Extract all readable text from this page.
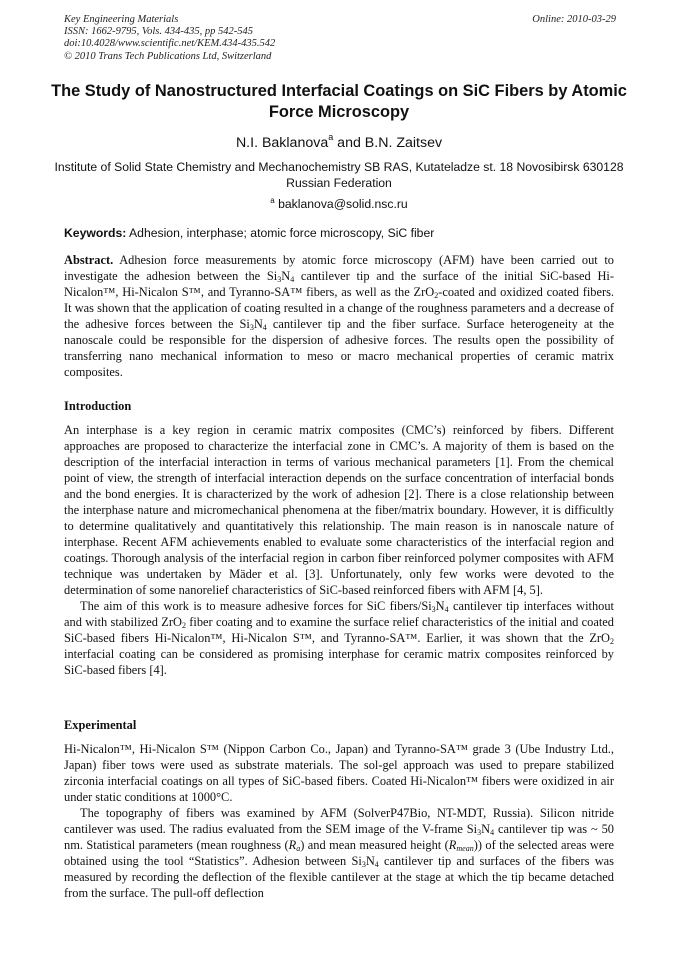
Key Engineering Materials
ISSN: 1662-9795, Vols. 434-435, pp 542-545
doi:10.4028/www.scientific.net/KEM.434-435.542
© 2010 Trans Tech Publications Ltd, Switzerland
Online: 2010-03-29
The Study of Nanostructured Interfacial Coatings on SiC Fibers by Atomic Force Microscopy
N.I. Baklanova$^a$ and B.N. Zaitsev
Institute of Solid State Chemistry and Mechanochemistry SB RAS, Kutateladze st. 18 Novosibirsk 630128 Russian Federation
$^a$ baklanova@solid.nsc.ru
Keywords: Adhesion, interphase; atomic force microscopy, SiC fiber

Abstract. Adhesion force measurements by atomic force microscopy (AFM) have been carried out to investigate the adhesion between the $Si_3N_4$ cantilever tip and the surface of the initial SiC-based Hi-Nicalon™, Hi-Nicalon S™, and Tyranno-SA™ fibers, as well as the ZrO$_2$-coated and oxidized coated fibers. It was shown that the application of coating resulted in a change of the roughness parameters and a decrease of the adhesive forces between the $Si_3N_4$ cantilever tip and the fiber surface. Surface heterogeneity at the nanoscale could be responsible for the dispersion of adhesive forces. The results open the possibility of transferring nano mechanical information to meso or macro mechanical properties of ceramic matrix composites.

Introduction

An interphase is a key region in ceramic matrix composites (CMC’s) reinforced by fibers. Different approaches are proposed to characterize the interfacial zone in CMC’s. A majority of them is based on the description of the interfacial interaction in terms of various mechanical parameters [1]. From the chemical point of view, the strength of interfacial interaction depends on the surface concentration of interfacial bonds and the bond energies. It is characterized by the work of adhesion [2]. There is a close relationship between the interphase nature and micromechanical phenomena at the fiber/matrix boundary. However, it is difficultly to determine qualitatively and quantitatively this relationship. The main reason is in nanoscale nature of interphase. Recent AFM achievements enabled to evaluate some characteristics of the interfacial region and coatings. Thorough analysis of the interfacial region in carbon fiber reinforced polymer composites with AFM technique was undertaken by Mäder et al. [3]. Unfortunately, only few works were devoted to the determination of some nanorelief characteristics of SiC-based reinforced fibers with AFM [4, 5].

The aim of this work is to measure adhesive forces for SiC fibers/$Si_3N_4$ cantilever tip interfaces without and with stabilized ZrO$_2$ fiber coating and to examine the surface relief characteristics of the initial and coated SiC-based fibers Hi-Nicalon™, Hi-Nicalon S™, and Tyranno-SA™. Earlier, it was shown that the ZrO$_2$ interfacial coating can be considered as promising interphase for ceramic matrix composites reinforced by SiC-based fibers [4].

Experimental

Hi-Nicalon™, Hi-Nicalon S™ (Nippon Carbon Co., Japan) and Tyranno-SA™ grade 3 (Ube Industry Ltd., Japan) fiber tows were used as substrate materials. The sol-gel approach was used to prepare stabilized zirconia interfacial coatings on all types of SiC-based fibers. Coated Hi-Nicalon™ fibers were oxidized in air under static conditions at 1000°C.

The topography of fibers was examined by AFM (SolverP47Bio, NT-MDT, Russia). Silicon nitride cantilever was used. The radius evaluated from the SEM image of the V-frame $Si_3N_4$ cantilever tip was ~ 50 nm. Statistical parameters (mean roughness $(R_a)$ and mean measured height $(R_{mean})$) of the selected areas were obtained using the tool “Statistics”. Adhesion between $Si_3N_4$ cantilever tip and surfaces of the fibers was measured by recording the deflection of the flexible cantilever at the stage at which the tip became detached from the surface. The pull-off deflection
